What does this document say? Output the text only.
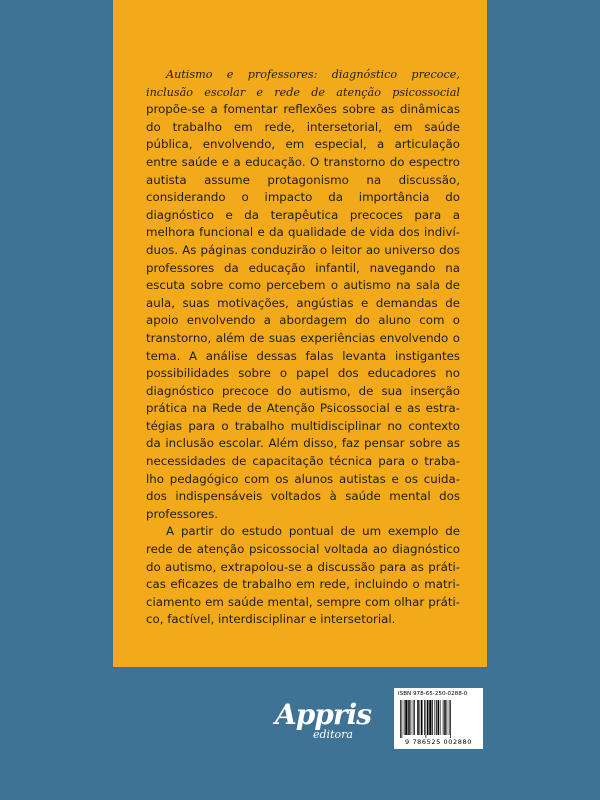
Autismo e professores: diagnóstico precoce, inclusão escolar e rede de atenção psicossocial propõe-se a fomentar reflexões sobre as dinâmicas do trabalho em rede, intersetorial, em saúde pública, envolvendo, em especial, a articulação entre saúde e a educação. O transtorno do espectro autista assume protagonismo na discussão, considerando o impacto da importância do diagnóstico e da terapêutica precoces para a melhora funcional e da qualidade de vida dos indivíduos. As páginas conduzirão o leitor ao universo dos professores da educação infantil, navegando na escuta sobre como percebem o autismo na sala de aula, suas motivações, angústias e demandas de apoio envolvendo a abordagem do aluno com o transtorno, além de suas experiências envolvendo o tema. A análise dessas falas levanta instigantes possibilidades sobre o papel dos educadores no diagnóstico precoce do autismo, de sua inserção prática na Rede de Atenção Psicossocial e as estratégias para o trabalho multidisciplinar no contexto da inclusão escolar. Além disso, faz pensar sobre as necessidades de capacitação técnica para o trabalho pedagógico com os alunos autistas e os cuidados indispensáveis voltados à saúde mental dos professores.

A partir do estudo pontual de um exemplo de rede de atenção psicossocial voltada ao diagnóstico do autismo, extrapolou-se a discussão para as práticas eficazes de trabalho em rede, incluindo o matriciamento em saúde mental, sempre com olhar prático, factível, interdisciplinar e intersetorial.

Appris
editora
ISBN 978-65-250-0288-0
9 786525 002880
